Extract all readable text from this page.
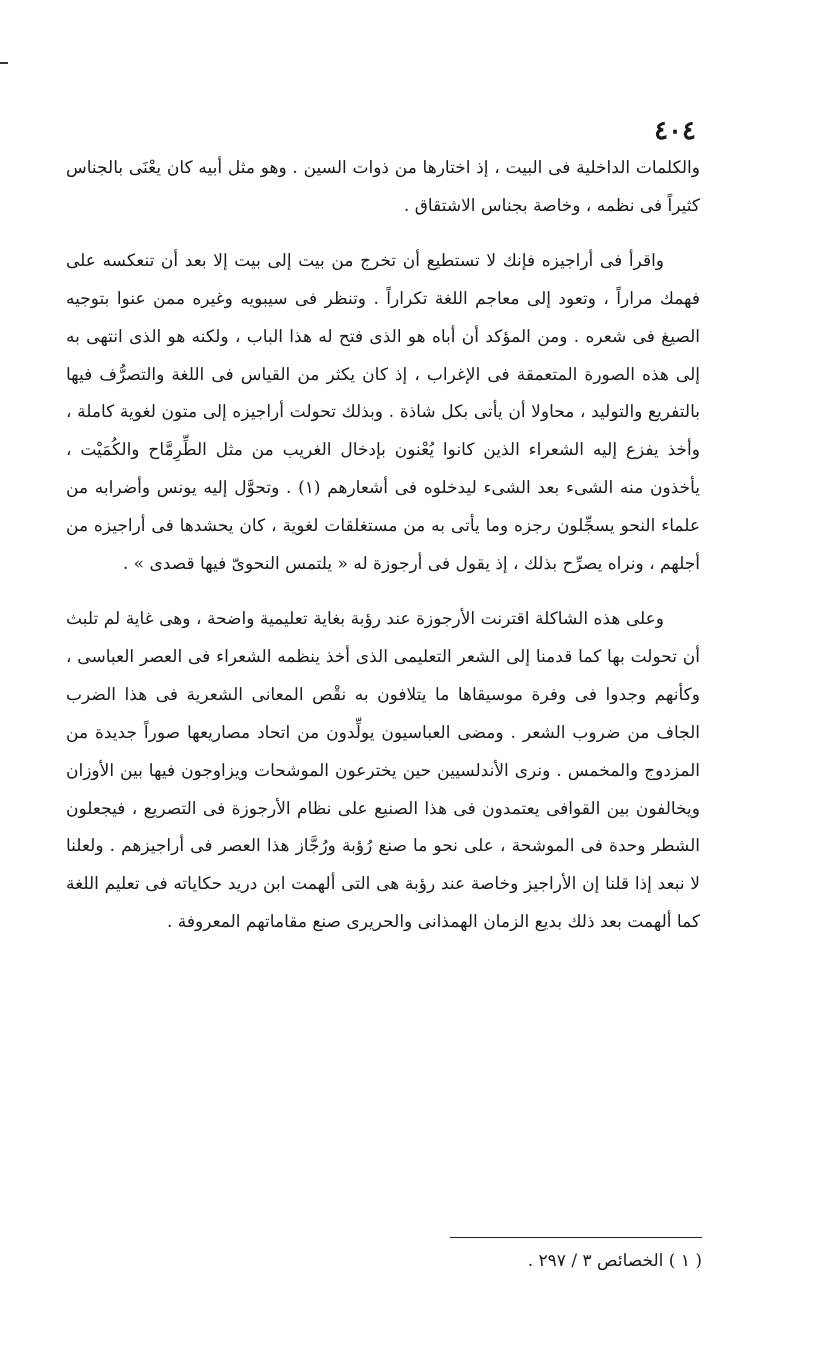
٤٠٤

والكلمات الداخلية فى البيت ، إذ اختارها من ذوات السين . وهو مثل أبيه كان يعْنَى بالجناس كثيراً فى نظمه ، وخاصة بجناس الاشتقاق .

واقرأ فى أراجيزه فإنك لا تستطيع أن تخرج من بيت إلى بيت إلا بعد أن تنعكسه على فهمك مراراً ، وتعود إلى معاجم اللغة تكراراً . وتنظر فى سيبويه وغيره ممن عنوا بتوجيه الصيغ فى شعره . ومن المؤكد أن أباه هو الذى فتح له هذا الباب ، ولكنه هو الذى انتهى به إلى هذه الصورة المتعمقة فى الإغراب ، إذ كان يكثر من القياس فى اللغة والتصرُّف فيها بالتفريع والتوليد ، محاولا أن يأتى بكل شاذة . وبذلك تحولت أراجيزه إلى متون لغوية كاملة ، وأخذ يفزع إليه الشعراء الذين كانوا يُعْنون بإدخال الغريب من مثل الطِّرِمَّاح والكُمَيْت ، يأخذون منه الشىء بعد الشىء ليدخلوه فى أشعارهم (١) . وتحوَّل إليه يونس وأضرابه من علماء النحو يسجِّلون رجزه وما يأتى به من مستغلقات لغوية ، كان يحشدها فى أراجيزه من أجلهم ، ونراه يصرِّح بذلك ، إذ يقول فى أرجوزة له « يلتمس النحوىّ فيها قصدى » .

وعلى هذه الشاكلة اقترنت الأرجوزة عند رؤبة بغاية تعليمية واضحة ، وهى غاية لم تلبث أن تحولت بها كما قدمنا إلى الشعر التعليمى الذى أخذ ينظمه الشعراء فى العصر العباسى ، وكأنهم وجدوا فى وفرة موسيقاها ما يتلافون به نقْص المعانى الشعرية فى هذا الضرب الجاف من ضروب الشعر . ومضى العباسيون يولِّدون من اتحاد مصاريعها صوراً جديدة من المزدوج والمخمس . ونرى الأندلسيين حين يخترعون الموشحات ويزاوجون فيها بين الأوزان ويخالفون بين القوافى يعتمدون فى هذا الصنيع على نظام الأرجوزة فى التصريع ، فيجعلون الشطر وحدة فى الموشحة ، على نحو ما صنع رُؤبة ورُجَّاز هذا العصر فى أراجيزهم . ولعلنا لا نبعد إذا قلنا إن الأراجيز وخاصة عند رؤبة هى التى ألهمت ابن دريد حكاياته فى تعليم اللغة كما ألهمت بعد ذلك بديع الزمان الهمذانى والحريرى صنع مقاماتهم المعروفة .

( ١ ) الخصائص ٣ / ٢٩٧ .
